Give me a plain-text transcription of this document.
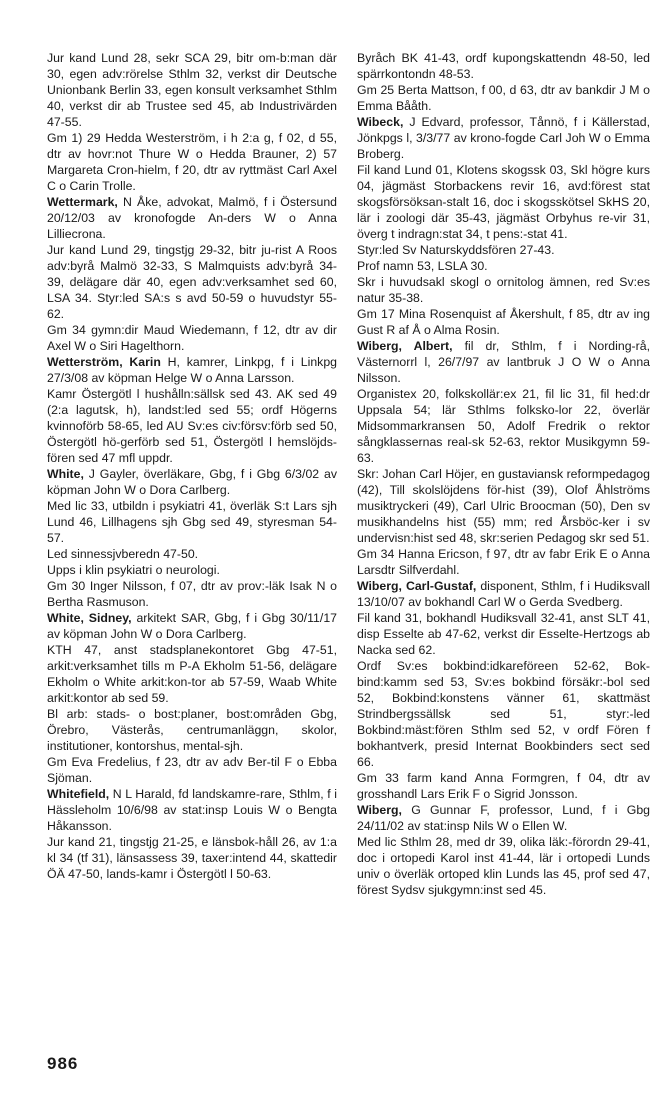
Jur kand Lund 28, sekr SCA 29, bitr om-b:man där 30, egen adv:rörelse Sthlm 32, verkst dir Deutsche Unionbank Berlin 33, egen konsult verksamhet Sthlm 40, verkst dir ab Trustee sed 45, ab Industrivärden 47-55.

Gm 1) 29 Hedda Westerström, i h 2:a g, f 02, d 55, dtr av hovr:not Thure W o Hedda Brauner, 2) 57 Margareta Cron-hielm, f 20, dtr av ryttmäst Carl Axel C o Carin Trolle.

Wettermark, N Åke, advokat, Malmö, f i Östersund 20/12/03 av kronofogde An-ders W o Anna Lilliecrona.

Jur kand Lund 29, tingstjg 29-32, bitr ju-rist A Roos adv:byrå Malmö 32-33, S Malmquists adv:byrå 34-39, delägare där 40, egen adv:verksamhet sed 60, LSA 34. Styr:led SA:s s avd 50-59 o huvudstyr 55-62.

Gm 34 gymn:dir Maud Wiedemann, f 12, dtr av dir Axel W o Siri Hagelthorn.

Wetterström, Karin H, kamrer, Linkpg, f i Linkpg 27/3/08 av köpman Helge W o Anna Larsson.

Kamr Östergötl l hushålln:sällsk sed 43. AK sed 49 (2:a lagutsk, h), landst:led sed 55; ordf Högerns kvinnoförb 58-65, led AU Sv:es civ:försv:förb sed 50, Östergötl hö-gerförb sed 51, Östergötl l hemslöjds-fören sed 47 mfl uppdr.

White, J Gayler, överläkare, Gbg, f i Gbg 6/3/02 av köpman John W o Dora Carlberg.

Med lic 33, utbildn i psykiatri 41, överläk S:t Lars sjh Lund 46, Lillhagens sjh Gbg sed 49, styresman 54-57.

Led sinnessjvberedn 47-50.

Upps i klin psykiatri o neurologi.

Gm 30 Inger Nilsson, f 07, dtr av prov:-läk Isak N o Bertha Rasmuson.

White, Sidney, arkitekt SAR, Gbg, f i Gbg 30/11/17 av köpman John W o Dora Carlberg.

KTH 47, anst stadsplanekontoret Gbg 47-51, arkit:verksamhet tills m P-A Ekholm 51-56, delägare Ekholm o White arkit:kon-tor ab 57-59, Waab White arkit:kontor ab sed 59.

Bl arb: stads- o bost:planer, bost:områden Gbg, Örebro, Västerås, centrumanläggn, skolor, institutioner, kontorshus, mental-sjh.

Gm Eva Fredelius, f 23, dtr av adv Ber-til F o Ebba Sjöman.

Whitefield, N L Harald, fd landskamre-rare, Sthlm, f i Hässleholm 10/6/98 av stat:insp Louis W o Bengta Håkansson.

Jur kand 21, tingstjg 21-25, e länsbok-håll 26, av 1:a kl 34 (tf 31), länsassess 39, taxer:intend 44, skattedir ÖÄ 47-50, lands-kamr i Östergötl l 50-63.

Byråch BK 41-43, ordf kupongskattendn 48-50, led spärrkontondn 48-53.

Gm 25 Berta Mattson, f 00, d 63, dtr av bankdir J M o Emma Bååth.

Wibeck, J Edvard, professor, Tånnö, f i Källerstad, Jönkpgs l, 3/3/77 av krono-fogde Carl Joh W o Emma Broberg.

Fil kand Lund 01, Klotens skogssk 03, Skl högre kurs 04, jägmäst Storbackens revir 16, avd:förest stat skogsförsöksan-stalt 16, doc i skogsskötsel SkHS 20, lär i zoologi där 35-43, jägmäst Orbyhus re-vir 31, överg t indragn:stat 34, t pens:-stat 41.

Styr:led Sv Naturskyddsfören 27-43.

Prof namn 53, LSLA 30.

Skr i huvudsakl skogl o ornitolog ämnen, red Sv:es natur 35-38.

Gm 17 Mina Rosenquist af Åkershult, f 85, dtr av ing Gust R af Å o Alma Rosin.

Wiberg, Albert, fil dr, Sthlm, f i Nording-rå, Västernorrl l, 26/7/97 av lantbruk J O W o Anna Nilsson.

Organistex 20, folkskollär:ex 21, fil lic 31, fil hed:dr Uppsala 54; lär Sthlms folksko-lor 22, överlär Midsommarkransen 50, Adolf Fredrik o rektor sångklassernas real-sk 52-63, rektor Musikgymn 59-63.

Skr: Johan Carl Höjer, en gustaviansk reformpedagog (42), Till skolslöjdens för-hist (39), Olof Åhlströms musiktryckeri (49), Carl Ulric Broocman (50), Den sv musikhandelns hist (55) mm; red Årsböc-ker i sv undervisn:hist sed 48, skr:serien Pedagog skr sed 51.

Gm 34 Hanna Ericson, f 97, dtr av fabr Erik E o Anna Larsdtr Silfverdahl.

Wiberg, Carl-Gustaf, disponent, Sthlm, f i Hudiksvall 13/10/07 av bokhandl Carl W o Gerda Svedberg.

Fil kand 31, bokhandl Hudiksvall 32-41, anst SLT 41, disp Esselte ab 47-62, verkst dir Esselte-Hertzogs ab Nacka sed 62.

Ordf Sv:es bokbind:idkareföreen 52-62, Bok-bind:kamm sed 53, Sv:es bokbind försäkr:-bol sed 52, Bokbind:konstens vänner 61, skattmäst Strindbergssällsk sed 51, styr:-led Bokbind:mäst:fören Sthlm sed 52, v ordf Fören f bokhantverk, presid Internat Bookbinders sect sed 66.

Gm 33 farm kand Anna Formgren, f 04, dtr av grosshandl Lars Erik F o Sigrid Jonsson.

Wiberg, G Gunnar F, professor, Lund, f i Gbg 24/11/02 av stat:insp Nils W o Ellen W.

Med lic Sthlm 28, med dr 39, olika läk:-förordn 29-41, doc i ortopedi Karol inst 41-44, lär i ortopedi Lunds univ o överläk ortoped klin Lunds las 45, prof sed 47, förest Sydsv sjukgymn:inst sed 45.

986
